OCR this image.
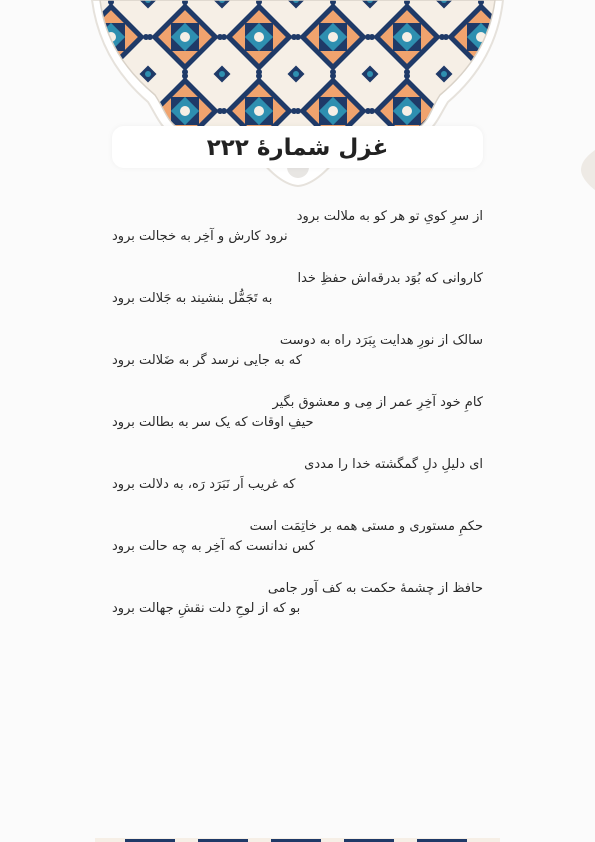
غزل شمارهٔ ۲۲۲
از سرِ کویِ تو هر کو به ملالت برود
نرود کارش و آخِر به خجالت برود
کاروانی که بُوَد بدرقه‌اش حفظِ خدا
به تَجَمُّل بنشیند به جَلالت برود
سالک از نورِ هدایت بِبَرَد راه به دوست
که به جایی نرسد گر به ضَلالت برود
کامِ خود آخِرِ عمر از مِی و معشوق بگیر
حیفِ اوقات که یک سر به بطالت برود
ای دلیلِ دلِ گمگشته خدا را مددی
که غریب اَر نَبَرَد رَه، به دلالت برود
حکمِ مستوری و مستی همه بر خاتِمَت است
کس ندانست که آخِر به چه حالت برود
حافظ از چشمهٔ حکمت به کف آور جامی
بو که از لوحِ دلت نقشِ جهالت برود
